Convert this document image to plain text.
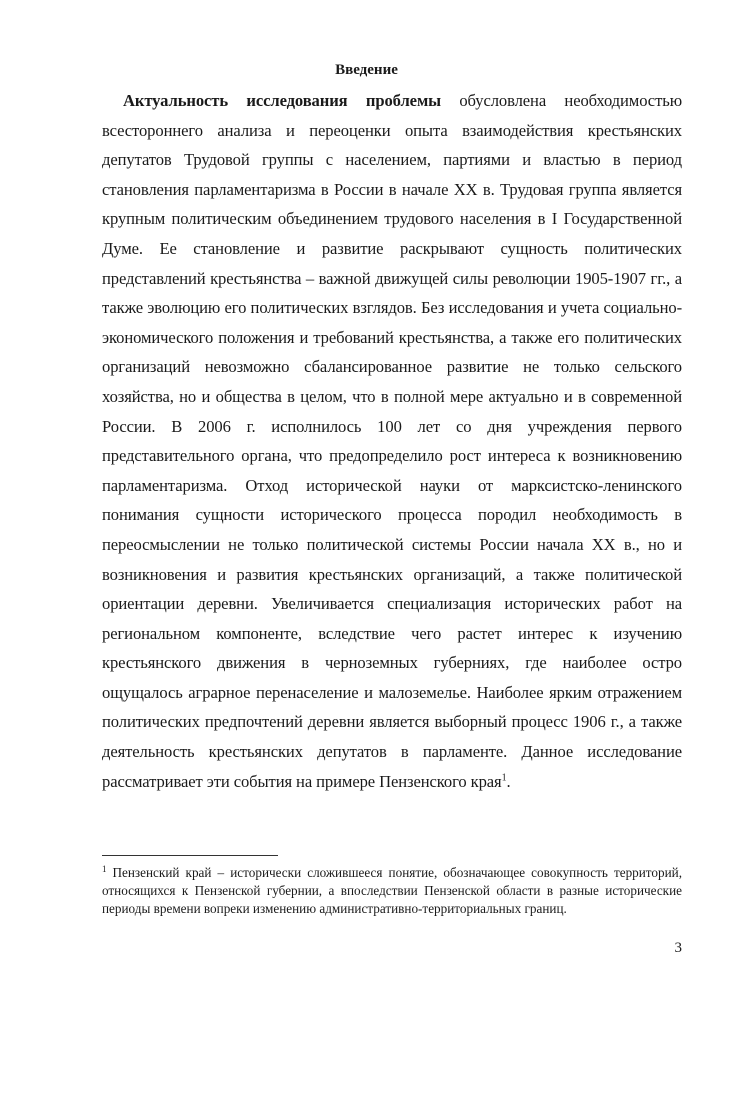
Введение

Актуальность исследования проблемы обусловлена необходимостью всестороннего анализа и переоценки опыта взаимодействия крестьянских депутатов Трудовой группы с населением, партиями и властью в период становления парламентаризма в России в начале XX в. Трудовая группа является крупным политическим объединением трудового населения в I Государственной Думе. Ее становление и развитие раскрывают сущность политических представлений крестьянства – важной движущей силы революции 1905-1907 гг., а также эволюцию его политических взглядов. Без исследования и учета социально-экономического положения и требований крестьянства, а также его политических организаций невозможно сбалансированное развитие не только сельского хозяйства, но и общества в целом, что в полной мере актуально и в современной России. В 2006 г. исполнилось 100 лет со дня учреждения первого представительного органа, что предопределило рост интереса к возникновению парламентаризма. Отход исторической науки от марксистско-ленинского понимания сущности исторического процесса породил необходимость в переосмыслении не только политической системы России начала XX в., но и возникновения и развития крестьянских организаций, а также политической ориентации деревни. Увеличивается специализация исторических работ на региональном компоненте, вследствие чего растет интерес к изучению крестьянского движения в черноземных губерниях, где наиболее остро ощущалось аграрное перенаселение и малоземелье. Наиболее ярким отражением политических предпочтений деревни является выборный процесс 1906 г., а также деятельность крестьянских депутатов в парламенте. Данное исследование рассматривает эти события на примере Пензенского края$^1$.

$^1$ Пензенский край – исторически сложившееся понятие, обозначающее совокупность территорий, относящихся к Пензенской губернии, а впоследствии Пензенской области в разные исторические периоды времени вопреки изменению административно-территориальных границ.

3
